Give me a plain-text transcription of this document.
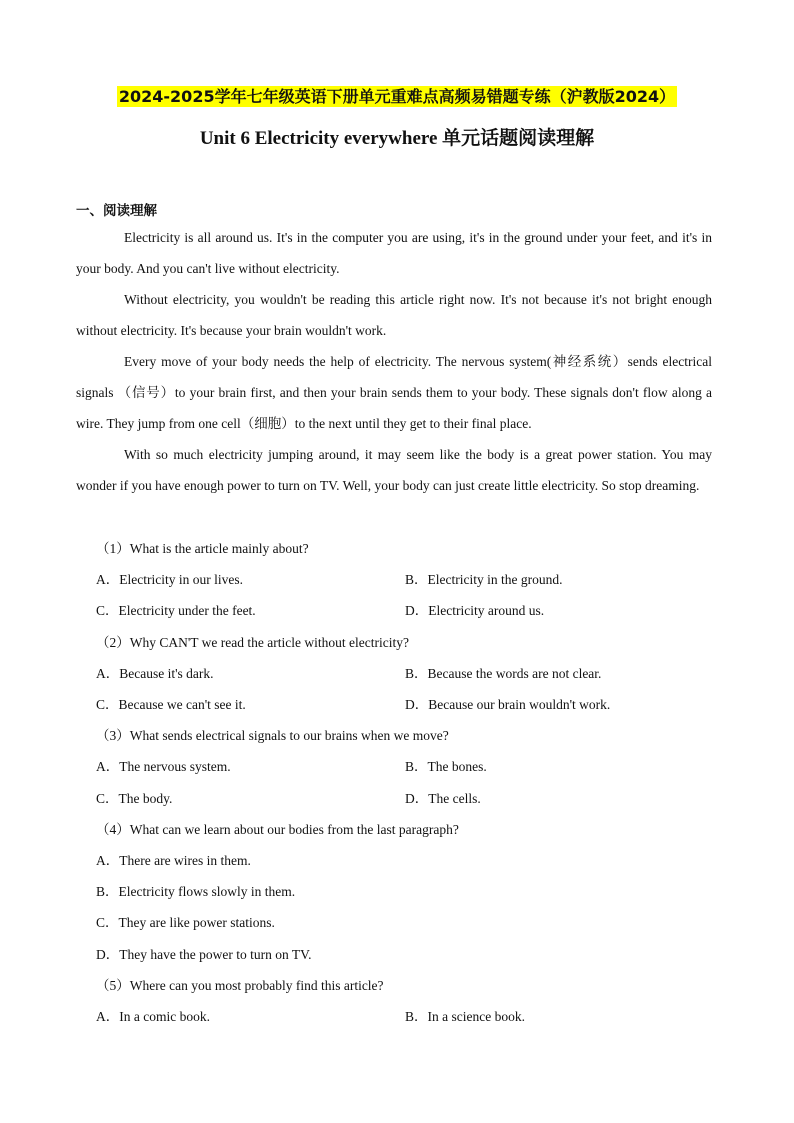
2024-2025学年七年级英语下册单元重难点高频易错题专练（沪教版2024）
Unit 6 Electricity everywhere 单元话题阅读理解
一、阅读理解

Electricity is all around us. It's in the computer you are using, it's in the ground under your feet, and it's in your body. And you can't live without electricity.

Without electricity, you wouldn't be reading this article right now. It's not because it's not bright enough without electricity. It's because your brain wouldn't work.

Every move of your body needs the help of electricity. The nervous system(神经系统）sends electrical signals （信号）to your brain first, and then your brain sends them to your body. These signals don't flow along a wire. They jump from one cell（细胞）to the next until they get to their final place.

With so much electricity jumping around, it may seem like the body is a great power station. You may wonder if you have enough power to turn on TV. Well, your body can just create little electricity. So stop dreaming.

（1）What is the article mainly about?
A．Electricity in our lives.	B．Electricity in the ground.
C．Electricity under the feet.	D．Electricity around us.
（2）Why CAN'T we read the article without electricity?
A．Because it's dark.	B．Because the words are not clear.
C．Because we can't see it.	D．Because our brain wouldn't work.
（3）What sends electrical signals to our brains when we move?
A．The nervous system.	B．The bones.
C．The body.	D．The cells.
（4）What can we learn about our bodies from the last paragraph?
A．There are wires in them.
B．Electricity flows slowly in them.
C．They are like power stations.
D．They have the power to turn on TV.
（5）Where can you most probably find this article?
A．In a comic book.	B．In a science book.
